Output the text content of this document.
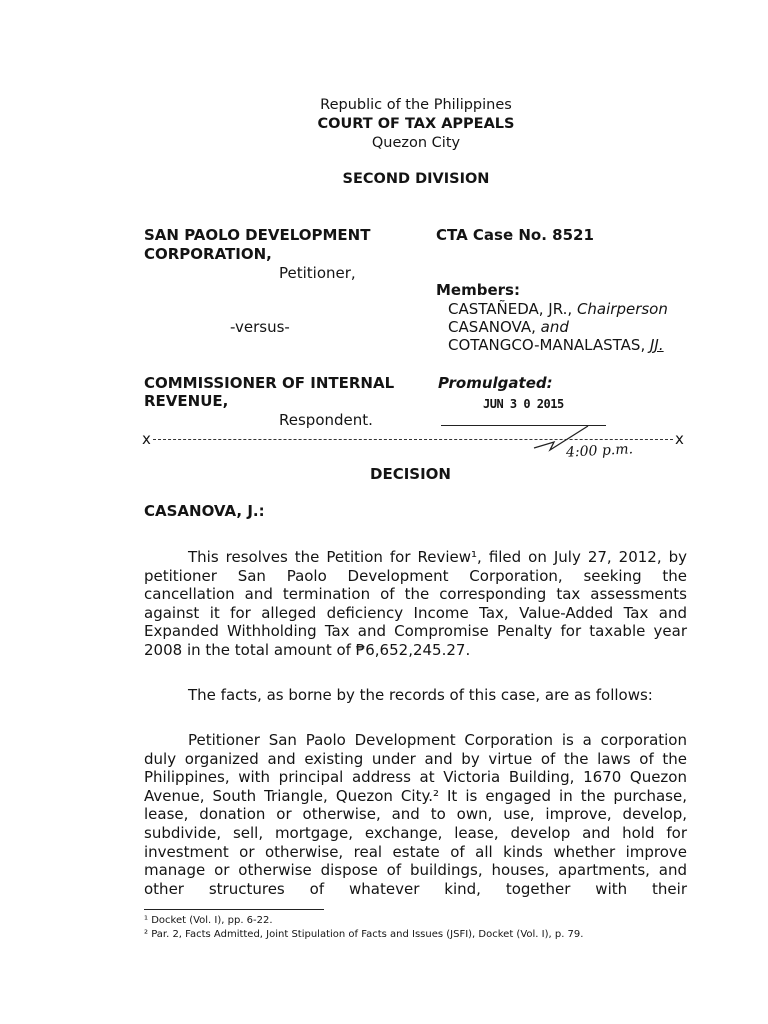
Republic of the Philippines
COURT OF TAX APPEALS
Quezon City
SECOND DIVISION
SAN PAOLO DEVELOPMENT
CORPORATION,
Petitioner,
-versus-
COMMISSIONER OF INTERNAL
REVENUE,
Respondent.
CTA Case No. 8521
Members:
CASTAÑEDA, JR., Chairperson
CASANOVA, and
COTANGCO-MANALASTAS, JJ.
Promulgated:
JUN 3 0 2015
x	x
4:00 p.m.
DECISION
CASANOVA, J.:
This resolves the Petition for Review¹, filed on July 27, 2012, by
petitioner San Paolo Development Corporation, seeking the
cancellation and termination of the corresponding tax assessments
against it for alleged deficiency Income Tax, Value-Added Tax and
Expanded Withholding Tax and Compromise Penalty for taxable year
2008 in the total amount of ₱6,652,245.27.
The facts, as borne by the records of this case, are as follows:
Petitioner San Paolo Development Corporation is a corporation
duly organized and existing under and by virtue of the laws of the
Philippines, with principal address at Victoria Building, 1670 Quezon
Avenue, South Triangle, Quezon City.² It is engaged in the purchase,
lease, donation or otherwise, and to own, use, improve, develop,
subdivide, sell, mortgage, exchange, lease, develop and hold for
investment or otherwise, real estate of all kinds whether improve
manage or otherwise dispose of buildings, houses, apartments, and
other structures of whatever kind, together with their
¹ Docket (Vol. I), pp. 6-22.
² Par. 2, Facts Admitted, Joint Stipulation of Facts and Issues (JSFI), Docket (Vol. I), p. 79.
